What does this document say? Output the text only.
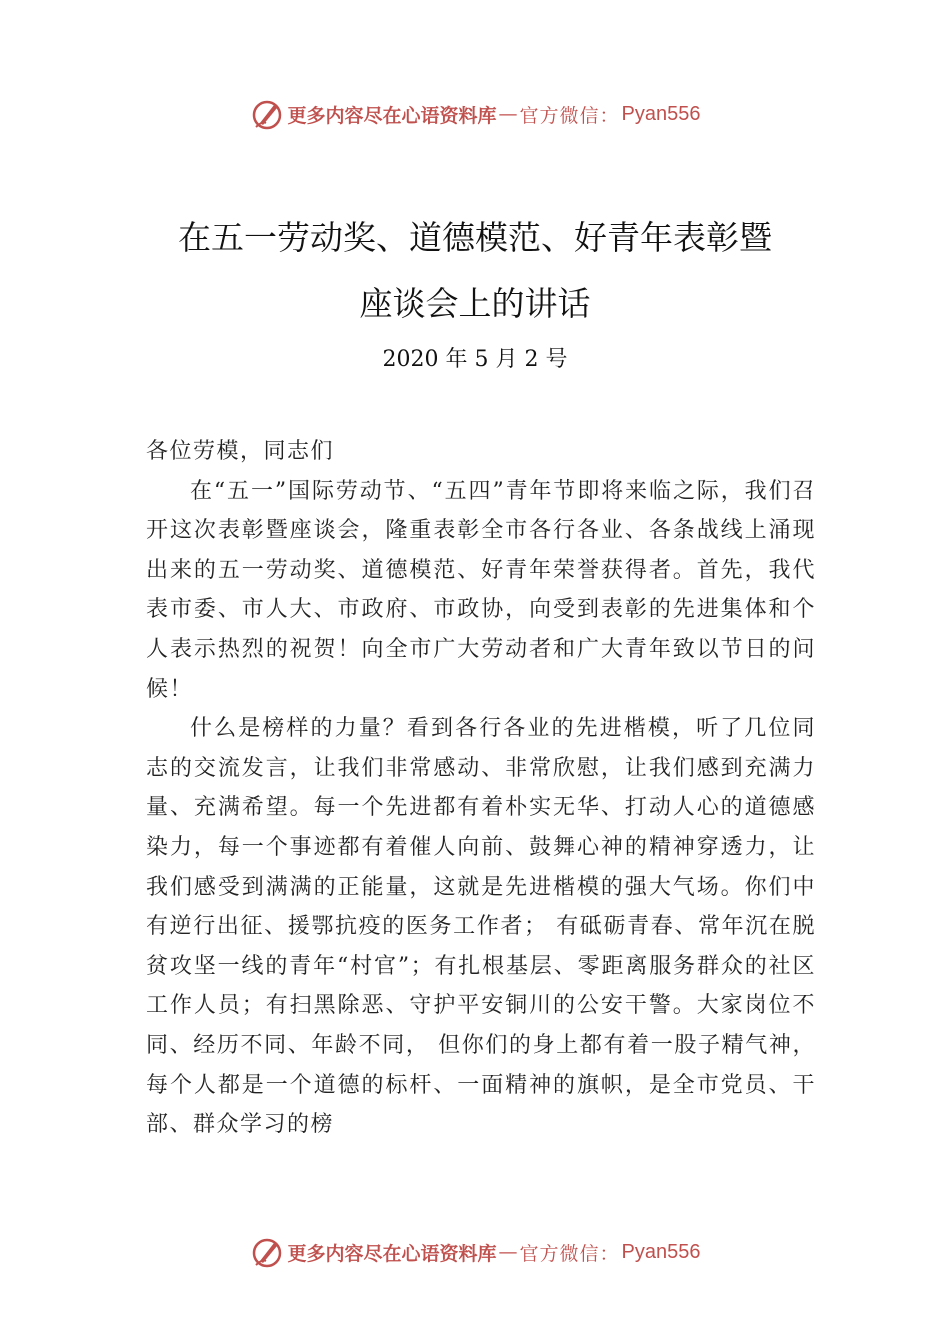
更多内容尽在心语资料库 — 官方微信： Pyan556
在五一劳动奖、道德模范、好青年表彰暨
座谈会上的讲话
2020 年 5 月 2 号

各位劳模，同志们

在“五一”国际劳动节、“五四”青年节即将来临之际，我们召开这次表彰暨座谈会，隆重表彰全市各行各业、各条战线上涌现出来的五一劳动奖、道德模范、好青年荣誉获得者。首先，我代表市委、市人大、市政府、市政协，向受到表彰的先进集体和个人表示热烈的祝贺！向全市广大劳动者和广大青年致以节日的问候！

什么是榜样的力量？看到各行各业的先进楷模，听了几位同志的交流发言，让我们非常感动、非常欣慰，让我们感到充满力量、充满希望。每一个先进都有着朴实无华、打动人心的道德感染力，每一个事迹都有着催人向前、鼓舞心神的精神穿透力，让我们感受到满满的正能量，这就是先进楷模的强大气场。你们中有逆行出征、援鄂抗疫的医务工作者； 有砥砺青春、常年沉在脱贫攻坚一线的青年“村官”；有扎根基层、零距离服务群众的社区工作人员；有扫黑除恶、守护平安铜川的公安干警。大家岗位不同、经历不同、年龄不同， 但你们的身上都有着一股子精气神，每个人都是一个道德的标杆、一面精神的旗帜，是全市党员、干部、群众学习的榜

更多内容尽在心语资料库 — 官方微信： Pyan556
